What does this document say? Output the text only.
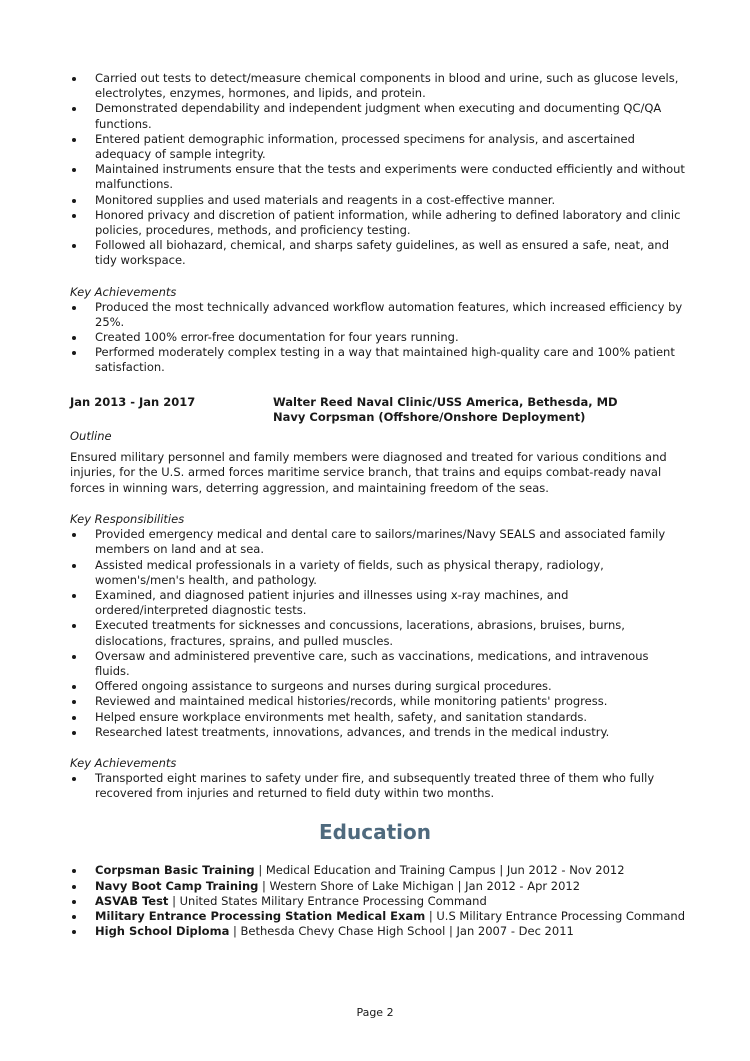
Carried out tests to detect/measure chemical components in blood and urine, such as glucose levels, electrolytes, enzymes, hormones, and lipids, and protein.
Demonstrated dependability and independent judgment when executing and documenting QC/QA functions.
Entered patient demographic information, processed specimens for analysis, and ascertained adequacy of sample integrity.
Maintained instruments ensure that the tests and experiments were conducted efficiently and without malfunctions.
Monitored supplies and used materials and reagents in a cost-effective manner.
Honored privacy and discretion of patient information, while adhering to defined laboratory and clinic policies, procedures, methods, and proficiency testing.
Followed all biohazard, chemical, and sharps safety guidelines, as well as ensured a safe, neat, and tidy workspace.

Key Achievements

Produced the most technically advanced workflow automation features, which increased efficiency by 25%.
Created 100% error-free documentation for four years running.
Performed moderately complex testing in a way that maintained high-quality care and 100% patient satisfaction.
Jan 2013 - Jan 2017	Walter Reed Naval Clinic/USS America, Bethesda, MD
Navy Corpsman (Offshore/Onshore Deployment)

Outline

Ensured military personnel and family members were diagnosed and treated for various conditions and injuries, for the U.S. armed forces maritime service branch, that trains and equips combat-ready naval forces in winning wars, deterring aggression, and maintaining freedom of the seas.

Key Responsibilities

Provided emergency medical and dental care to sailors/marines/Navy SEALS and associated family members on land and at sea.
Assisted medical professionals in a variety of fields, such as physical therapy, radiology, women's/men's health, and pathology.
Examined, and diagnosed patient injuries and illnesses using x-ray machines, and ordered/interpreted diagnostic tests.
Executed treatments for sicknesses and concussions, lacerations, abrasions, bruises, burns, dislocations, fractures, sprains, and pulled muscles.
Oversaw and administered preventive care, such as vaccinations, medications, and intravenous fluids.
Offered ongoing assistance to surgeons and nurses during surgical procedures.
Reviewed and maintained medical histories/records, while monitoring patients' progress.
Helped ensure workplace environments met health, safety, and sanitation standards.
Researched latest treatments, innovations, advances, and trends in the medical industry.

Key Achievements

Transported eight marines to safety under fire, and subsequently treated three of them who fully recovered from injuries and returned to field duty within two months.
Education
Corpsman Basic Training | Medical Education and Training Campus | Jun 2012 - Nov 2012
Navy Boot Camp Training | Western Shore of Lake Michigan | Jan 2012 - Apr 2012
ASVAB Test | United States Military Entrance Processing Command
Military Entrance Processing Station Medical Exam | U.S Military Entrance Processing Command
High School Diploma | Bethesda Chevy Chase High School | Jan 2007 - Dec 2011
Page 2
